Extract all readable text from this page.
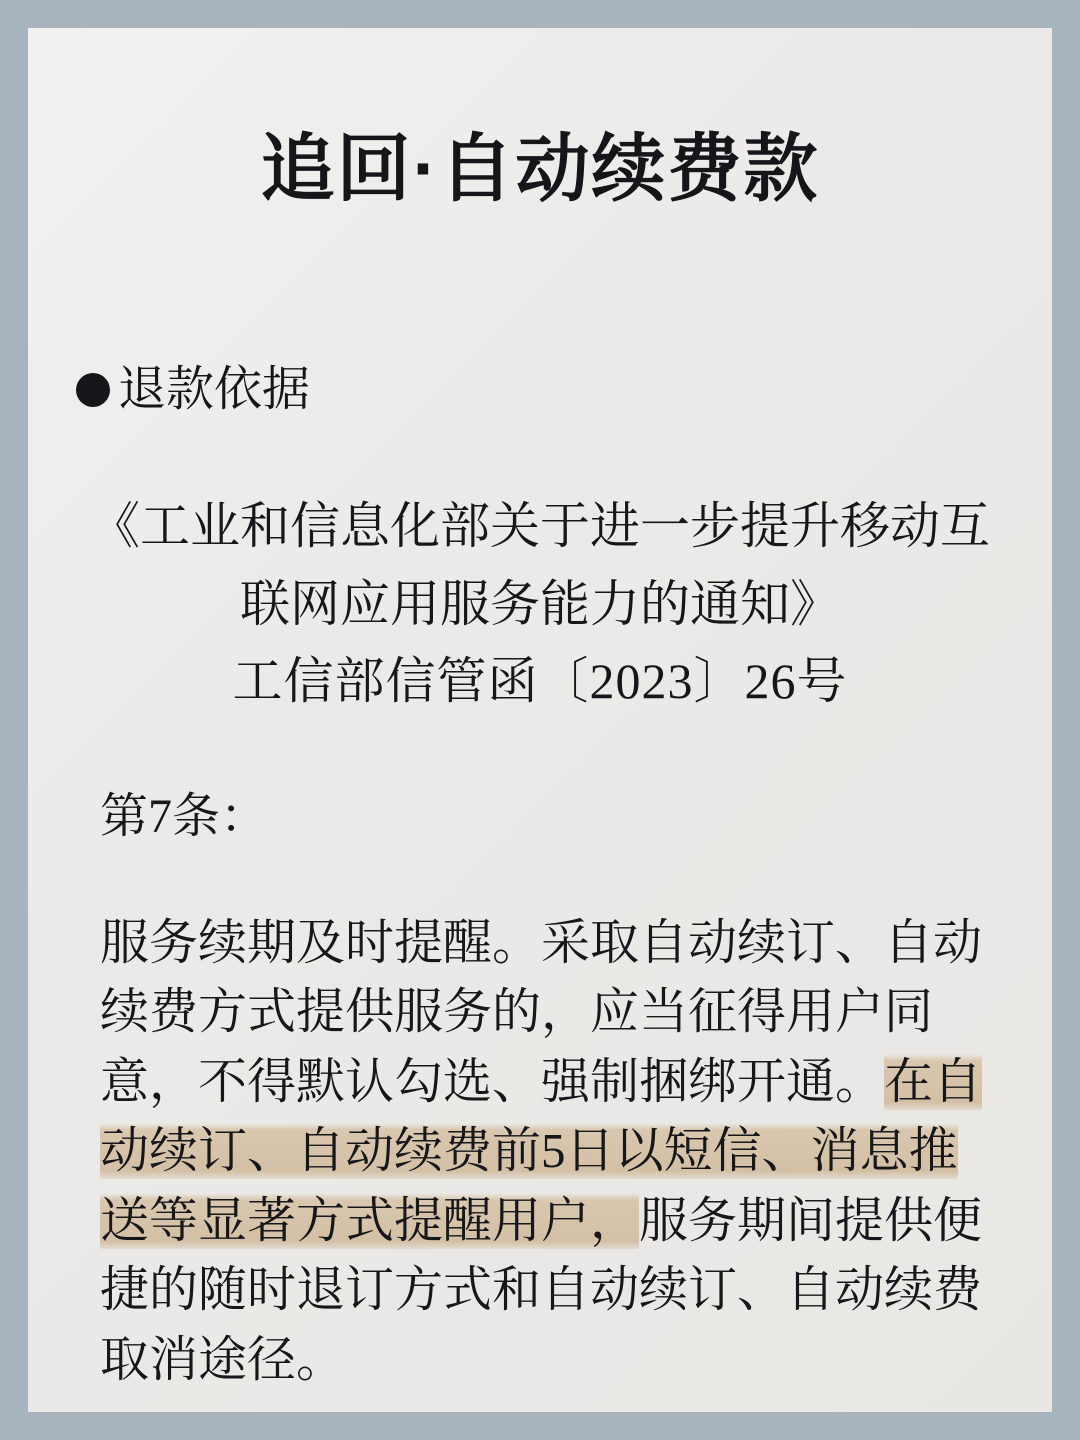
追回·自动续费款
退款依据
《工业和信息化部关于进一步提升移动互
联网应用服务能力的通知》
工信部信管函〔2023〕26号
第7条：
服务续期及时提醒。采取自动续订、自动续费方式提供服务的，应当征得用户同意，不得默认勾选、强制捆绑开通。在自动续订、自动续费前5日以短信、消息推送等显著方式提醒用户，服务期间提供便捷的随时退订方式和自动续订、自动续费取消途径。
